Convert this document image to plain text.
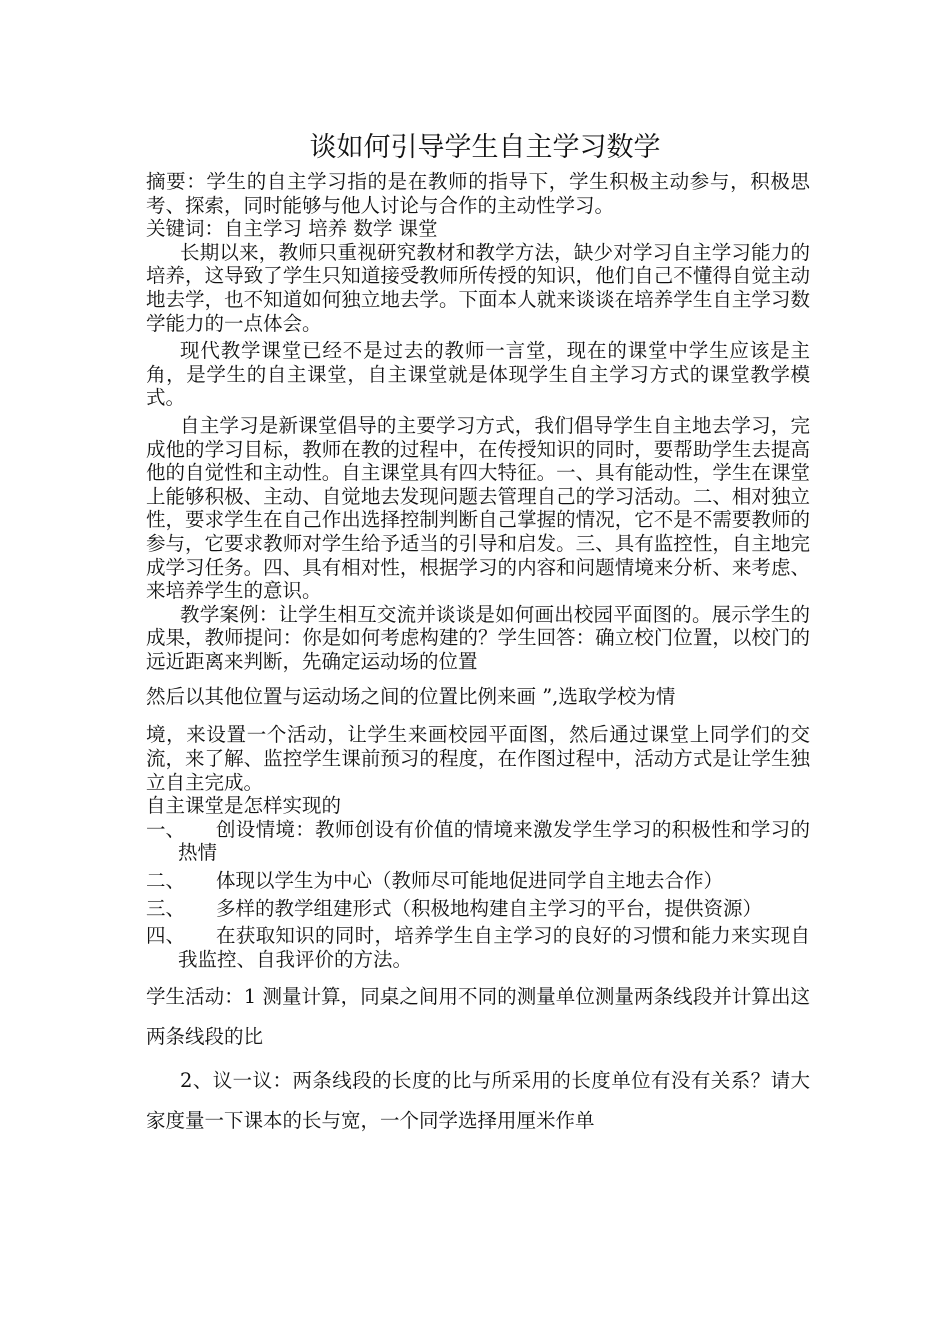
谈如何引导学生自主学习数学

摘要：学生的自主学习指的是在教师的指导下，学生积极主动参与，积极思考、探索，同时能够与他人讨论与合作的主动性学习。

关键词：自主学习 培养 数学 课堂

长期以来，教师只重视研究教材和教学方法，缺少对学习自主学习能力的培养，这导致了学生只知道接受教师所传授的知识，他们自己不懂得自觉主动地去学，也不知道如何独立地去学。下面本人就来谈谈在培养学生自主学习数学能力的一点体会。

现代教学课堂已经不是过去的教师一言堂，现在的课堂中学生应该是主角，是学生的自主课堂，自主课堂就是体现学生自主学习方式的课堂教学模式。

自主学习是新课堂倡导的主要学习方式，我们倡导学生自主地去学习，完成他的学习目标，教师在教的过程中，在传授知识的同时，要帮助学生去提高他的自觉性和主动性。自主课堂具有四大特征。一、具有能动性，学生在课堂上能够积极、主动、自觉地去发现问题去管理自己的学习活动。二、相对独立性，要求学生在自己作出选择控制判断自己掌握的情况，它不是不需要教师的参与，它要求教师对学生给予适当的引导和启发。三、具有监控性，自主地完成学习任务。四、具有相对性，根据学习的内容和问题情境来分析、来考虑、来培养学生的意识。

教学案例：让学生相互交流并谈谈是如何画出校园平面图的。展示学生的成果，教师提问：你是如何考虑构建的？学生回答：确立校门位置，以校门的远近距离来判断，先确定运动场的位置

然后以其他位置与运动场之间的位置比例来画 ”,选取学校为情

境，来设置一个活动，让学生来画校园平面图，然后通过课堂上同学们的交流，来了解、监控学生课前预习的程度，在作图过程中，活动方式是让学生独立自主完成。

自主课堂是怎样实现的

一、	创设情境：教师创设有价值的情境来激发学生学习的积极性和学习的热情
二、	体现以学生为中心（教师尽可能地促进同学自主地去合作）
三、	多样的教学组建形式（积极地构建自主学习的平台，提供资源）
四、	在获取知识的同时，培养学生自主学习的良好的习惯和能力来实现自我监控、自我评价的方法。

学生活动：1 测量计算，同桌之间用不同的测量单位测量两条线段并计算出这两条线段的比

2、议一议：两条线段的长度的比与所采用的长度单位有没有关系？请大家度量一下课本的长与宽，一个同学选择用厘米作单
